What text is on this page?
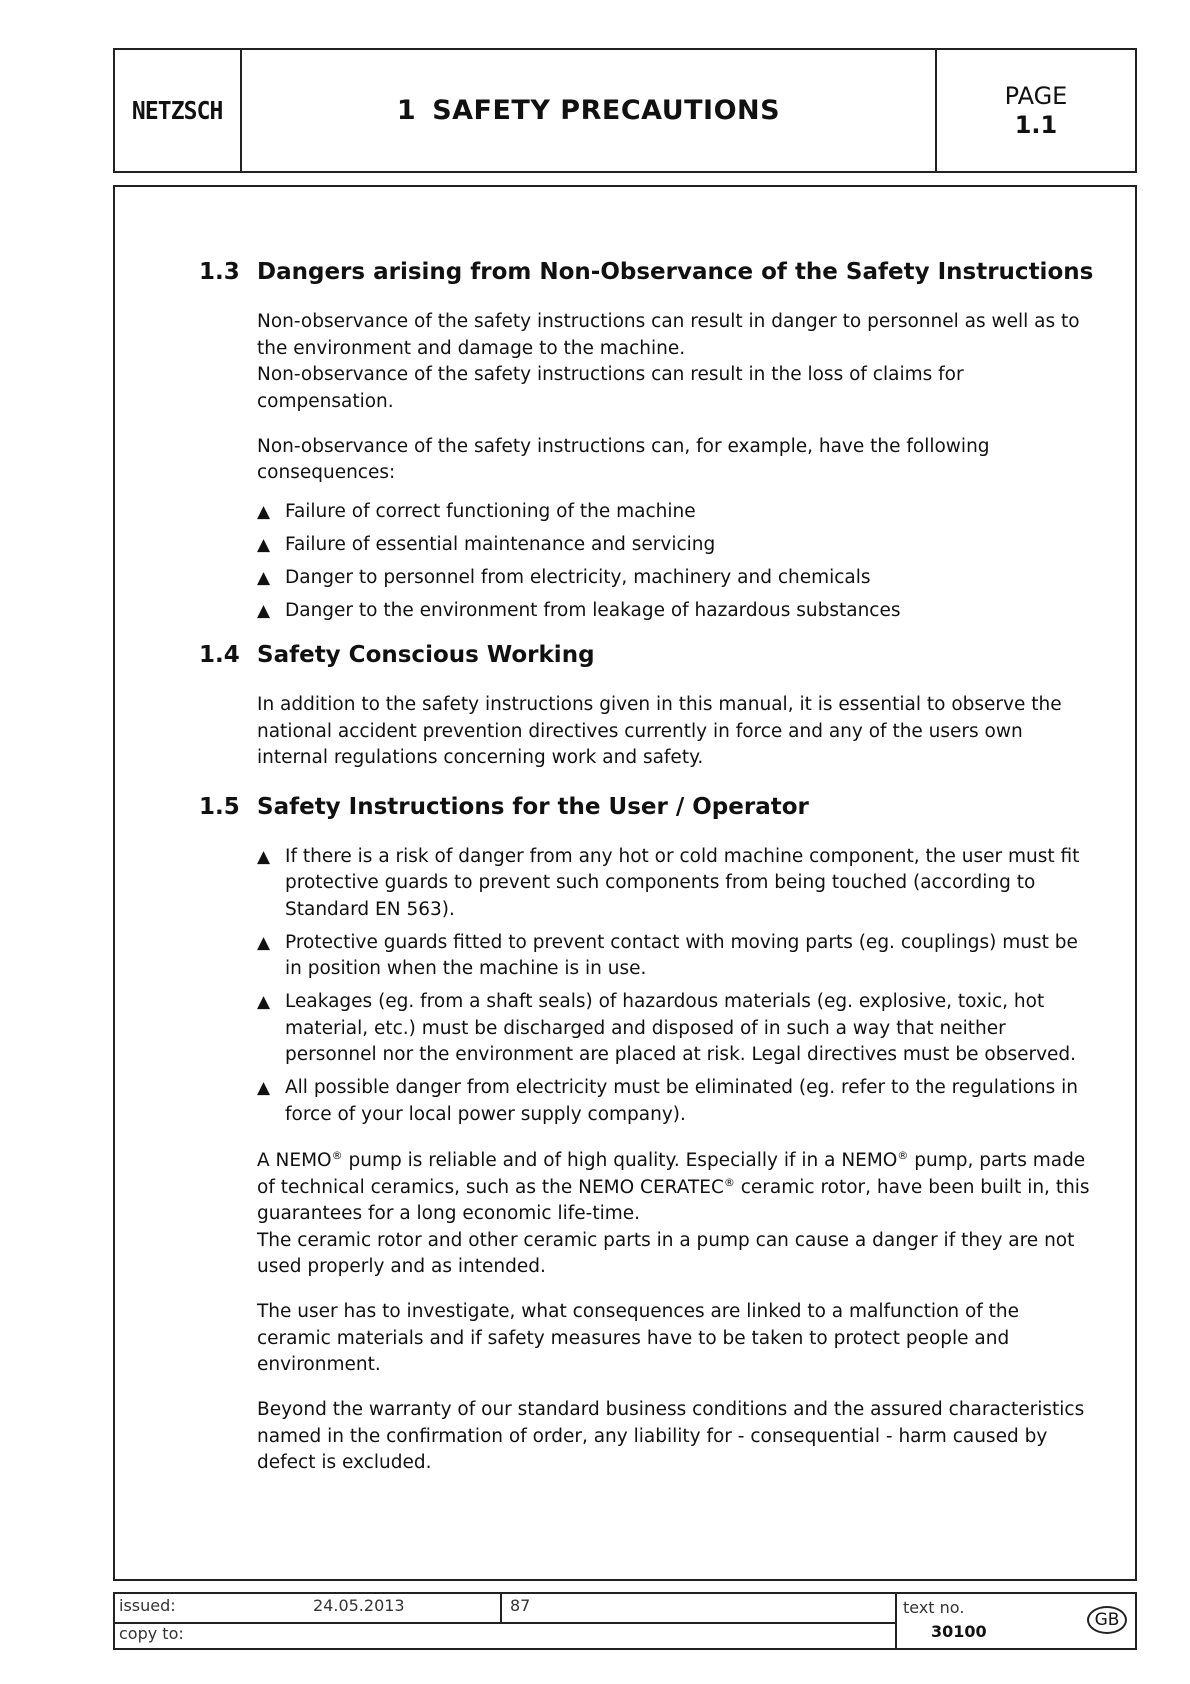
NETZSCH	1 SAFETY PRECAUTIONS	PAGE
1.1
1.3 Dangers arising from Non-Observance of the Safety Instructions

Non-observance of the safety instructions can result in danger to personnel as well as to the environment and damage to the machine.
Non-observance of the safety instructions can result in the loss of claims for compensation.

Non-observance of the safety instructions can, for example, have the following consequences:

▲ Failure of correct functioning of the machine
▲ Failure of essential maintenance and servicing
▲ Danger to personnel from electricity, machinery and chemicals
▲ Danger to the environment from leakage of hazardous substances
1.4 Safety Conscious Working

In addition to the safety instructions given in this manual, it is essential to observe the national accident prevention directives currently in force and any of the users own internal regulations concerning work and safety.

1.5 Safety Instructions for the User / Operator
▲ If there is a risk of danger from any hot or cold machine component, the user must fit protective guards to prevent such components from being touched (according to Standard EN 563).
▲ Protective guards fitted to prevent contact with moving parts (eg. couplings) must be in position when the machine is in use.
▲ Leakages (eg. from a shaft seals) of hazardous materials (eg. explosive, toxic, hot material, etc.) must be discharged and disposed of in such a way that neither personnel nor the environment are placed at risk. Legal directives must be observed.
▲ All possible danger from electricity must be eliminated (eg. refer to the regulations in force of your local power supply company).

A NEMO® pump is reliable and of high quality. Especially if in a NEMO® pump, parts made of technical ceramics, such as the NEMO CERATEC® ceramic rotor, have been built in, this guarantees for a long economic life-time.
The ceramic rotor and other ceramic parts in a pump can cause a danger if they are not used properly and as intended.

The user has to investigate, what consequences are linked to a malfunction of the ceramic materials and if safety measures have to be taken to protect people and environment.

Beyond the warranty of our standard business conditions and the assured characteristics named in the confirmation of order, any liability for - consequential - harm caused by defect is excluded.

issued:	24.05.2013	87
copy to:
text no.
30100
GB
